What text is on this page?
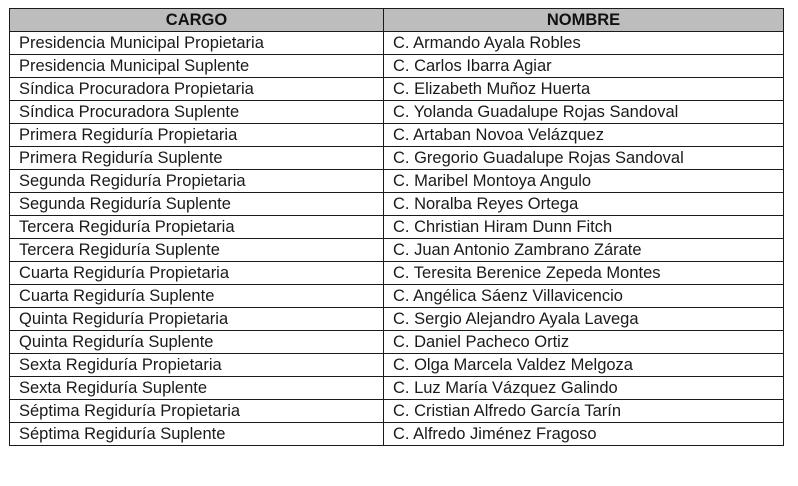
CARGO	NOMBRE
Presidencia Municipal Propietaria	C. Armando Ayala Robles
Presidencia Municipal Suplente	C. Carlos Ibarra Agiar
Síndica Procuradora Propietaria	C. Elizabeth Muñoz Huerta
Síndica Procuradora Suplente	C. Yolanda Guadalupe Rojas Sandoval
Primera Regiduría Propietaria	C. Artaban Novoa Velázquez
Primera Regiduría Suplente	C. Gregorio Guadalupe Rojas Sandoval
Segunda Regiduría Propietaria	C. Maribel Montoya Angulo
Segunda Regiduría Suplente	C. Noralba Reyes Ortega
Tercera Regiduría Propietaria	C. Christian Hiram Dunn Fitch
Tercera Regiduría Suplente	C. Juan Antonio Zambrano Zárate
Cuarta Regiduría Propietaria	C. Teresita Berenice Zepeda Montes
Cuarta Regiduría Suplente	C. Angélica Sáenz Villavicencio
Quinta Regiduría Propietaria	C. Sergio Alejandro Ayala Lavega
Quinta Regiduría Suplente	C. Daniel Pacheco Ortiz
Sexta Regiduría Propietaria	C. Olga Marcela Valdez Melgoza
Sexta Regiduría Suplente	C. Luz María Vázquez Galindo
Séptima Regiduría Propietaria	C. Cristian Alfredo García Tarín
Séptima Regiduría Suplente	C. Alfredo Jiménez Fragoso
